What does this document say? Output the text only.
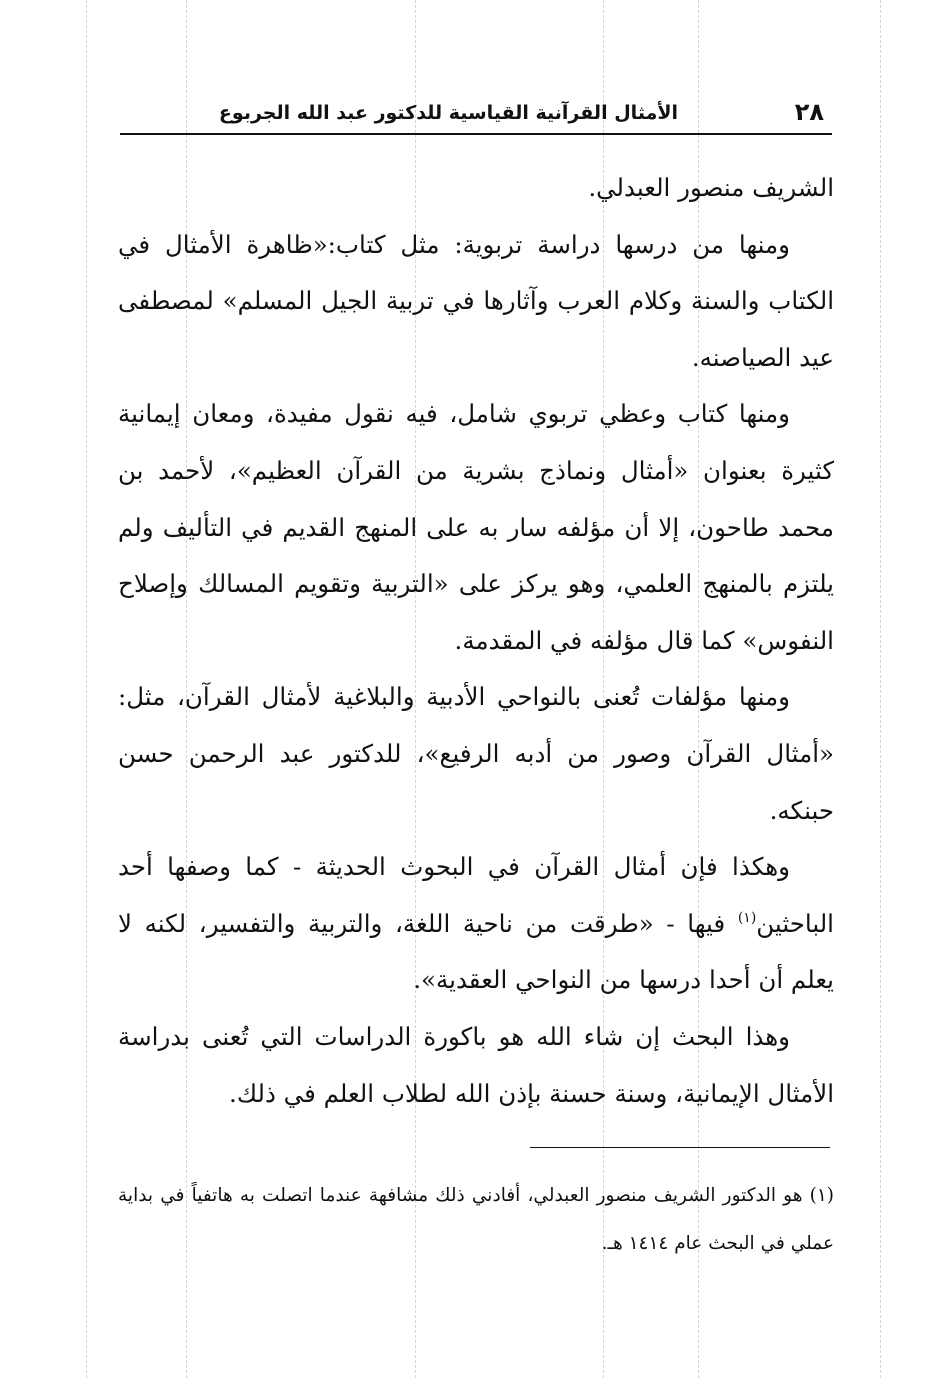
٢٨
الأمثال القرآنية القياسية للدكتور عبد الله الجربوع

الشريف منصور العبدلي.

ومنها من درسها دراسة تربوية: مثل كتاب:«ظاهرة الأمثال في الكتاب والسنة وكلام العرب وآثارها في تربية الجيل المسلم» لمصطفى عيد الصياصنه.

ومنها كتاب وعظي تربوي شامل، فيه نقول مفيدة، ومعان إيمانية كثيرة بعنوان «أمثال ونماذج بشرية من القرآن العظيم»، لأحمد بن محمد طاحون، إلا أن مؤلفه سار به على المنهج القديم في التأليف ولم يلتزم بالمنهج العلمي، وهو يركز على «التربية وتقويم المسالك وإصلاح النفوس» كما قال مؤلفه في المقدمة.

ومنها مؤلفات تُعنى بالنواحي الأدبية والبلاغية لأمثال القرآن، مثل: «أمثال القرآن وصور من أدبه الرفيع»، للدكتور عبد الرحمن حسن حبنكه.

وهكذا فإن أمثال القرآن في البحوث الحديثة - كما وصفها أحد الباحثين$^{(١)}$ فيها - «طرقت من ناحية اللغة، والتربية والتفسير، لكنه لا يعلم أن أحدا درسها من النواحي العقدية».

وهذا البحث إن شاء الله هو باكورة الدراسات التي تُعنى بدراسة الأمثال الإيمانية، وسنة حسنة بإذن الله لطلاب العلم في ذلك.

(١) هو الدكتور الشريف منصور العبدلي، أفادني ذلك مشافهة عندما اتصلت به هاتفياً في بداية عملي في البحث عام ١٤١٤ هـ.
